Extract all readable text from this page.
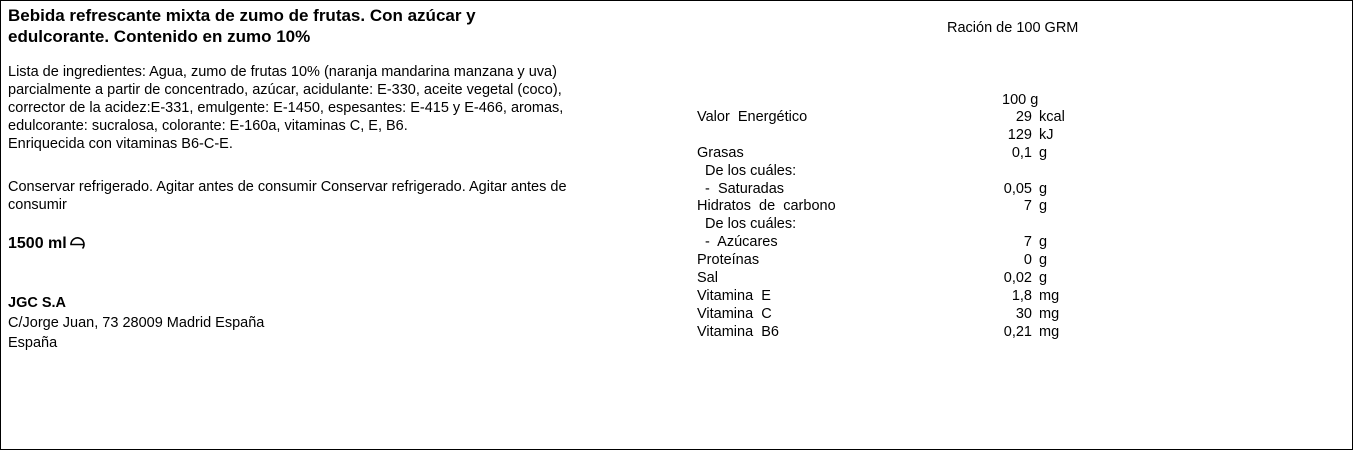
Bebida refrescante mixta de zumo de frutas. Con azúcar y
edulcorante. Contenido en zumo 10%
Lista de ingredientes: Agua, zumo de frutas 10% (naranja mandarina manzana y uva)
parcialmente a partir de concentrado, azúcar, acidulante: E-330, aceite vegetal (coco),
corrector de la acidez:E-331, emulgente: E-1450, espesantes: E-415 y E-466, aromas,
edulcorante: sucralosa, colorante: E-160a, vitaminas C, E, B6.
Enriquecida con vitaminas B6-C-E.
Conservar refrigerado. Agitar antes de consumir Conservar refrigerado. Agitar antes de
consumir
1500 ml
JGC S.A
C/Jorge Juan, 73 28009 Madrid España
España
Ración de 100 GRM
100 g
Valor  Energético	29 kcal
129 kJ
Grasas	0,1 g
De los cuáles:
-  Saturadas	0,05 g
Hidratos  de  carbono	7 g
De los cuáles:
-  Azúcares	7 g
Proteínas	0 g
Sal	0,02 g
Vitamina  E	1,8 mg
Vitamina  C	30 mg
Vitamina  B6	0,21 mg
